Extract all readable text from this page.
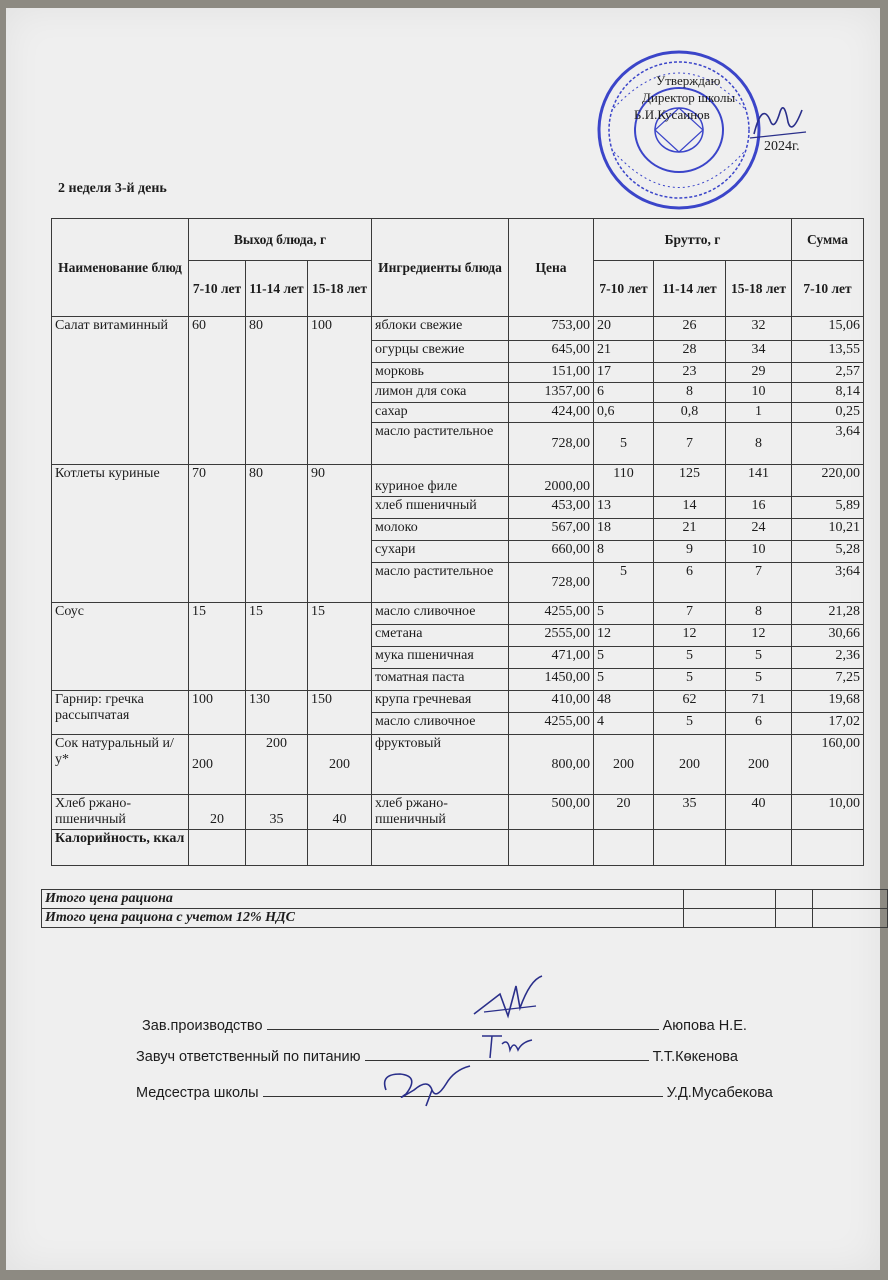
Утверждаю
Директор школы
Б.И.Кусаинов
2024г.
2 неделя 3-й день
Наименование блюд	Выход блюда, г			Ингредиенты блюда	Цена	Брутто, г			Сумма
	7-10 лет	11-14 лет	15-18 лет			7-10 лет	11-14 лет	15-18 лет	7-10 лет
Салат витаминный	60	80	100	яблоки свежие	753,00	20	26	32	15,06
				огурцы свежие	645,00	21	28	34	13,55
				морковь	151,00	17	23	29	2,57
				лимон для сока	1357,00	6	8	10	8,14
				сахар	424,00	0,6	0,8	1	0,25
				масло растительное	728,00	5	7	8	3,64
Котлеты куриные	70	80	90	куриное филе	2000,00	110	125	141	220,00
				хлеб пшеничный	453,00	13	14	16	5,89
				молоко	567,00	18	21	24	10,21
				сухари	660,00	8	9	10	5,28
				масло растительное	728,00	5	6	7	3;64
Соус	15	15	15	масло сливочное	4255,00	5	7	8	21,28
				сметана	2555,00	12	12	12	30,66
				мука пшеничная	471,00	5	5	5	2,36
				томатная паста	1450,00	5	5	5	7,25
Гарнир: гречка рассыпчатая	100	130	150	крупа гречневая	410,00	48	62	71	19,68
				масло сливочное	4255,00	4	5	6	17,02
Сок натуральный и/у*	200	200	200	фруктовый	800,00	200	200	200	160,00
Хлеб ржано-пшеничный	20	35	40	хлеб ржано-пшеничный	500,00	20	35	40	10,00
Калорийность, ккал									
Итого цена рациона			
Итого цена рациона с учетом 12% НДС			
Зав.производство	Аюпова Н.Е.
Завуч ответственный по питанию	Т.Т.Көкенова
Медсестра школы	У.Д.Мусабекова
